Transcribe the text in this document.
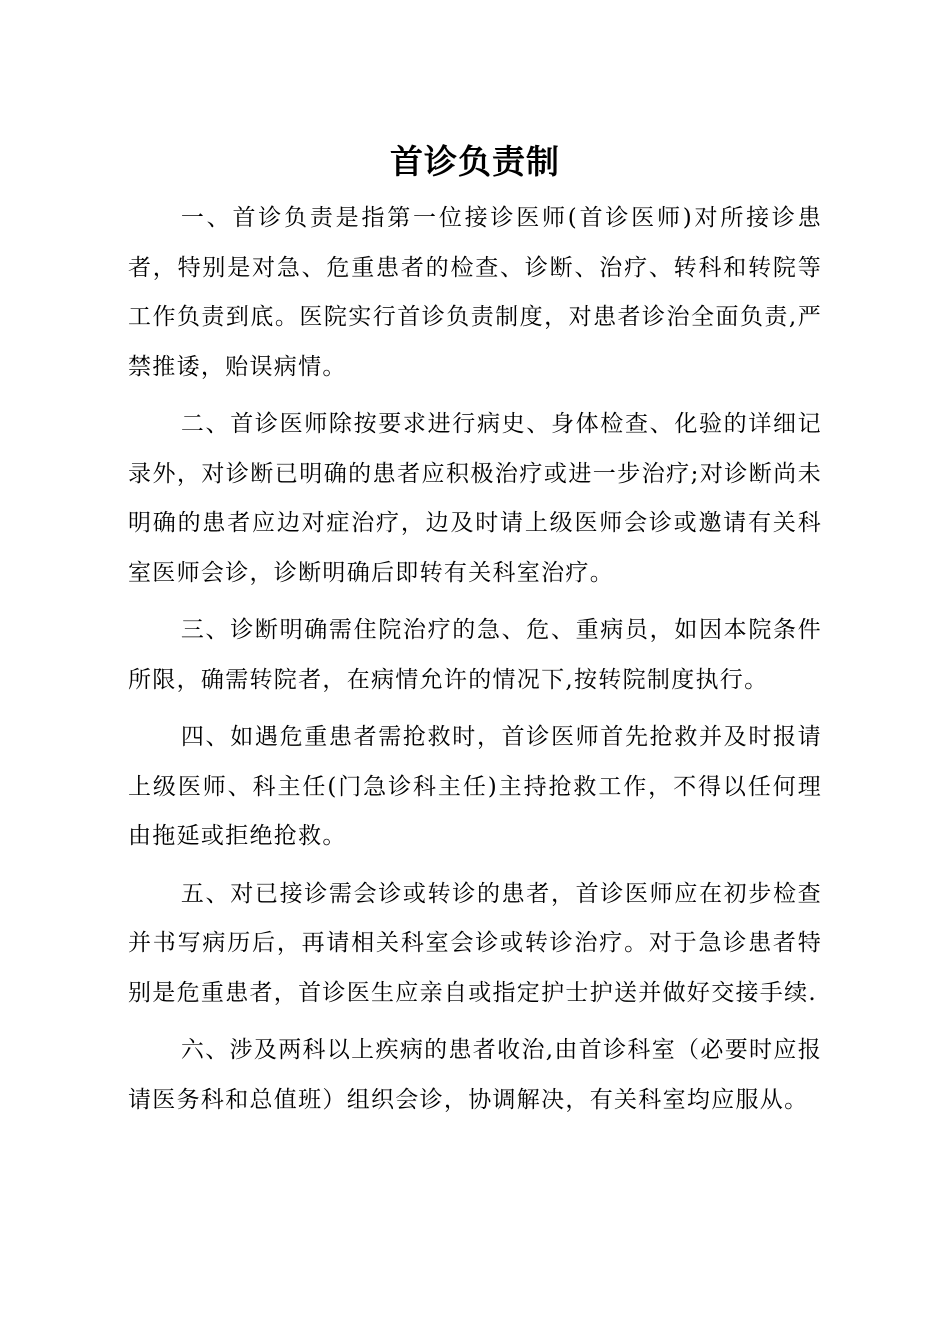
首诊负责制

一、首诊负责是指第一位接诊医师(首诊医师)对所接诊患者，特别是对急、危重患者的检查、诊断、治疗、转科和转院等工作负责到底。医院实行首诊负责制度，对患者诊治全面负责,严禁推诿，贻误病情。

二、首诊医师除按要求进行病史、身体检查、化验的详细记录外，对诊断已明确的患者应积极治疗或进一步治疗;对诊断尚未明确的患者应边对症治疗，边及时请上级医师会诊或邀请有关科室医师会诊，诊断明确后即转有关科室治疗。

三、诊断明确需住院治疗的急、危、重病员，如因本院条件所限，确需转院者，在病情允许的情况下,按转院制度执行。

四、如遇危重患者需抢救时，首诊医师首先抢救并及时报请上级医师、科主任(门急诊科主任)主持抢救工作，不得以任何理由拖延或拒绝抢救。

五、对已接诊需会诊或转诊的患者，首诊医师应在初步检查并书写病历后，再请相关科室会诊或转诊治疗。对于急诊患者特别是危重患者，首诊医生应亲自或指定护士护送并做好交接手续.

六、涉及两科以上疾病的患者收治,由首诊科室（必要时应报请医务科和总值班）组织会诊，协调解决，有关科室均应服从。
